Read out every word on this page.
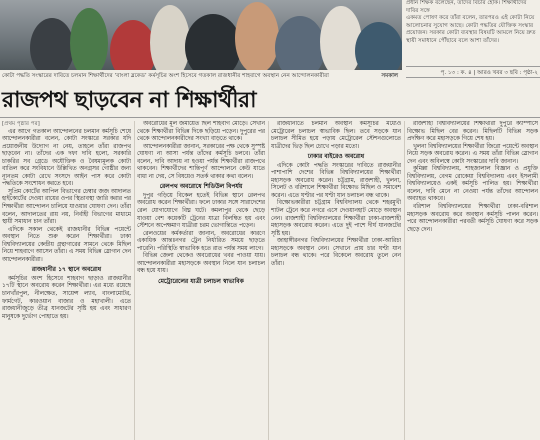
কোটা পদ্ধতি সংস্কারের দাবিতে চলমান শিক্ষার্থীদের ‘বাংলা ব্লকেড’ কর্মসূচির অংশ হিসেবে গতকাল রাজধানীর শাহবাগে অবস্থান নেন আন্দোলনকারীরা	সমকাল

প্রধান শিক্ষক বলেছেন, তাঁদের বিচার হোক। শিক্ষার্থীদের দাবির সঙ্গে

একমত পোষণ করে তাঁরা বলেন, তারপরও এই কোটা নিয়ে আলোচনার সুযোগ আছে। কোটা পদ্ধতির যৌক্তিক সংস্কার

প্রয়োজন। সরকার কোটা ব্যবস্থার বিষয়টি আমলে নিয়ে দ্রুত স্থায়ী সমাধানে পৌঁছাবে বলে আশা তাঁদের।

পৃ. ১৩ : ক. ৪ | আরও খবর ৩ ছবি : পৃষ্ঠা-২
রাজপথ ছাড়বেন না শিক্ষার্থীরা

[প্রথম পৃষ্ঠার পর]

এর আগে গতকাল আন্দোলনের চলমান কর্মসূচি শেষে আন্দোলনকারীরা বলেন, কোটা সংস্কারে সরকার যদি প্রয়োজনীয় উদ্যোগ না নেয়, তাহলে তাঁরা রাজপথ ছাড়বেন না। তাঁদের এক দফা দাবি হলো, সরকারি চাকরির সব গ্রেডে অযৌক্তিক ও বৈষম্যমূলক কোটা বাতিল করে সংবিধানে উল্লিখিত অনগ্রসর গোষ্ঠীর জন্য ন্যূনতম কোটা রেখে সংসদে আইন পাস করে কোটা পদ্ধতিকে সংশোধন করতে হবে।

সুপ্রিম কোর্টের আপিল বিভাগের চেম্বার জজ আদালত হাইকোর্টের দেওয়া রায়ের ওপর স্থিতাবস্থা জারি করার পর শিক্ষার্থীরা আন্দোলন চালিয়ে যাওয়ার ঘোষণা দেন। তাঁরা বলেন, আদালতের রায় নয়, নির্বাহী বিভাগের মাধ্যমে স্থায়ী সমাধান চান তাঁরা।

এদিকে সকাল থেকেই রাজধানীর বিভিন্ন পয়েন্টে অবস্থান নিতে শুরু করেন শিক্ষার্থীরা। ঢাকা বিশ্ববিদ্যালয়ের কেন্দ্রীয় গ্রন্থাগারের সামনে থেকে মিছিল নিয়ে শাহবাগে আসেন তাঁরা। এ সময় বিভিন্ন স্লোগান দেন আন্দোলনকারীরা।

রাজধানীর ১৭ স্থানে অবরোধ

কর্মসূচির অংশ হিসেবে শাহবাগ ছাড়াও রাজধানীর ১৭টি স্থানে অবরোধ করেন শিক্ষার্থীরা। এর মধ্যে রয়েছে চানখাঁরপুল, নীলক্ষেত, সায়েন্স ল্যাব, বাংলামোটর, ফার্মগেট, কারওয়ান বাজার ও মহাখালী। এতে রাজধানীজুড়ে তীব্র যানজটের সৃষ্টি হয় এবং সাধারণ মানুষকে দুর্ভোগ পোহাতে হয়।

অবরোধের মূল জমায়েত ছিল শাহবাগ মোড়ে। সেখান থেকে শিক্ষার্থীরা বিভিন্ন দিকে ছড়িয়ে পড়েন। দুপুরের পর থেকে আন্দোলনকারীদের সংখ্যা বাড়তে থাকে।

আন্দোলনকারীরা জানান, সরকারের পক্ষ থেকে সুস্পষ্ট ঘোষণা না আসা পর্যন্ত তাঁদের কর্মসূচি চলবে। তাঁরা বলেন, দাবি আদায় না হওয়া পর্যন্ত শিক্ষার্থীরা রাজপথে থাকবেন। শিক্ষার্থীদের শান্তিপূর্ণ আন্দোলনে কেউ যাতে বাধা না দেয়, সে বিষয়েও সতর্ক থাকার কথা বলেন।

রেলপথ অবরোধে শিডিউল বিপর্যয়

দুপুর গড়িয়ে বিকেল হতেই বিভিন্ন স্থানে রেলপথ অবরোধ করেন শিক্ষার্থীরা। ফলে ঢাকার সঙ্গে সারাদেশের রেল যোগাযোগে বিঘ্ন ঘটে। কমলাপুর থেকে ছেড়ে যাওয়া বেশ কয়েকটি ট্রেনের যাত্রা বিলম্বিত হয় এবং স্টেশনে অপেক্ষমাণ যাত্রীরা চরম ভোগান্তিতে পড়েন।

রেলওয়ের কর্মকর্তারা জানান, অবরোধের কারণে একাধিক আন্তঃনগর ট্রেন নির্ধারিত সময়ে ছাড়তে পারেনি। পরিস্থিতি স্বাভাবিক হতে রাত পর্যন্ত সময় লাগে।

বিভিন্ন জেলা থেকেও অবরোধের খবর পাওয়া যায়। আন্দোলনকারীরা মহাসড়কে অবস্থান নিলে যান চলাচল বন্ধ হয়ে যায়।

মেট্রোরেলের যাত্রী চলাচল স্বাভাবিক

রাজধানীতে চলমান অবস্থান কর্মসূচির মধ্যেও মেট্রোরেল চলাচল স্বাভাবিক ছিল। তবে সড়কে যান চলাচল সীমিত হয়ে পড়ায় মেট্রোরেল স্টেশনগুলোতে যাত্রীদের ভিড় ছিল চোখে পড়ার মতো।

ঢাকার বাইরেও অবরোধ

এদিকে কোটা পদ্ধতি সংস্কারের দাবিতে রাজধানীর পাশাপাশি দেশের বিভিন্ন বিশ্ববিদ্যালয়ের শিক্ষার্থীরা মহাসড়ক অবরোধ করেন। চট্টগ্রাম, রাজশাহী, খুলনা, সিলেট ও বরিশালে শিক্ষার্থীরা বিক্ষোভ মিছিল ও সমাবেশ করেন। এতে ঘণ্টার পর ঘণ্টা যান চলাচল বন্ধ থাকে।

বিক্ষোভকারীরা চট্টগ্রাম বিশ্ববিদ্যালয় থেকে শহরমুখী শাটল ট্রেনে করে নগরে এসে দেওয়ানহাট মোড়ে অবস্থান নেন। রাজশাহী বিশ্ববিদ্যালয়ের শিক্ষার্থীরা ঢাকা-রাজশাহী মহাসড়ক অবরোধ করেন। এতে দুই পাশে দীর্ঘ যানজটের সৃষ্টি হয়।

জাহাঙ্গীরনগর বিশ্ববিদ্যালয়ের শিক্ষার্থীরা ঢাকা-আরিচা মহাসড়কে অবস্থান নেন। সেখানে প্রায় চার ঘণ্টা যান চলাচল বন্ধ থাকে। পরে বিকেলে অবরোধ তুলে নেন তাঁরা।

রাজশাহী বিশ্ববিদ্যালয়ের শিক্ষার্থীরা দুপুরে ক্যাম্পাসে বিক্ষোভ মিছিল বের করেন। মিছিলটি বিভিন্ন সড়ক প্রদক্ষিণ করে মহাসড়কে গিয়ে শেষ হয়।

খুলনা বিশ্ববিদ্যালয়ের শিক্ষার্থীরা জিরো পয়েন্টে অবস্থান নিয়ে সড়ক অবরোধ করেন। এ সময় তাঁরা বিভিন্ন স্লোগান দেন এবং অবিলম্বে কোটা সংস্কারের দাবি জানান।

কুমিল্লা বিশ্ববিদ্যালয়, শাহজালাল বিজ্ঞান ও প্রযুক্তি বিশ্ববিদ্যালয়, বেগম রোকেয়া বিশ্ববিদ্যালয় এবং ইসলামী বিশ্ববিদ্যালয়েও একই কর্মসূচি পালিত হয়। শিক্ষার্থীরা বলেন, দাবি মেনে না নেওয়া পর্যন্ত তাঁদের আন্দোলন অব্যাহত থাকবে।

বরিশাল বিশ্ববিদ্যালয়ের শিক্ষার্থীরা ঢাকা-বরিশাল মহাসড়ক অবরোধ করে অবস্থান কর্মসূচি পালন করেন। পরে আন্দোলনকারীরা পরবর্তী কর্মসূচি ঘোষণা করে সড়ক ছেড়ে দেন।
